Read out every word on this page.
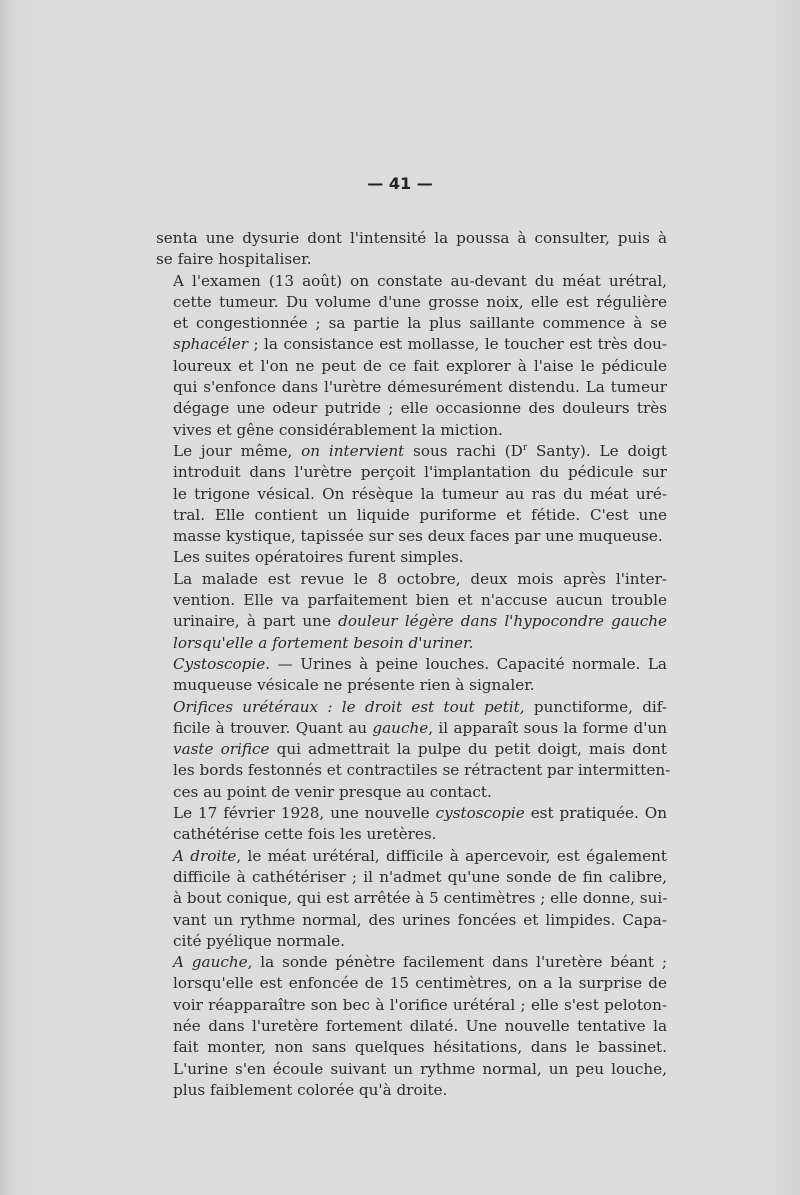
— 41 —

senta une dysurie dont l'intensité la poussa à consulter, puis à
se faire hospitaliser.

A l'examen (13 août) on constate au-devant du méat urétral,
cette tumeur. Du volume d'une grosse noix, elle est régulière
et congestionnée ; sa partie la plus saillante commence à se
sphacéler ; la consistance est mollasse, le toucher est très dou-
loureux et l'on ne peut de ce fait explorer à l'aise le pédicule
qui s'enfonce dans l'urètre démesurément distendu. La tumeur
dégage une odeur putride ; elle occasionne des douleurs très
vives et gêne considérablement la miction.

Le jour même, on intervient sous rachi ($D^r$ Santy). Le doigt
introduit dans l'urètre perçoit l'implantation du pédicule sur
le trigone vésical. On résèque la tumeur au ras du méat uré-
tral. Elle contient un liquide puriforme et fétide. C'est une
masse kystique, tapissée sur ses deux faces par une muqueuse.

Les suites opératoires furent simples.

La malade est revue le 8 octobre, deux mois après l'inter-
vention. Elle va parfaitement bien et n'accuse aucun trouble
urinaire, à part une douleur légère dans l'hypocondre gauche
lorsqu'elle a fortement besoin d'uriner.

Cystoscopie. — Urines à peine louches. Capacité normale. La
muqueuse vésicale ne présente rien à signaler.

Orifices urétéraux : le droit est tout petit, punctiforme, dif-
ficile à trouver. Quant au gauche, il apparaît sous la forme d'un
vaste orifice qui admettrait la pulpe du petit doigt, mais dont
les bords festonnés et contractiles se rétractent par intermitten-
ces au point de venir presque au contact.

Le 17 février 1928, une nouvelle cystoscopie est pratiquée. On
cathétérise cette fois les uretères.

A droite, le méat urétéral, difficile à apercevoir, est également
difficile à cathétériser ; il n'admet qu'une sonde de fin calibre,
à bout conique, qui est arrêtée à 5 centimètres ; elle donne, sui-
vant un rythme normal, des urines foncées et limpides. Capa-
cité pyélique normale.

A gauche, la sonde pénètre facilement dans l'uretère béant ;
lorsqu'elle est enfoncée de 15 centimètres, on a la surprise de
voir réapparaître son bec à l'orifice urétéral ; elle s'est peloton-
née dans l'uretère fortement dilaté. Une nouvelle tentative la
fait monter, non sans quelques hésitations, dans le bassinet.
L'urine s'en écoule suivant un rythme normal, un peu louche,
plus faiblement colorée qu'à droite.
